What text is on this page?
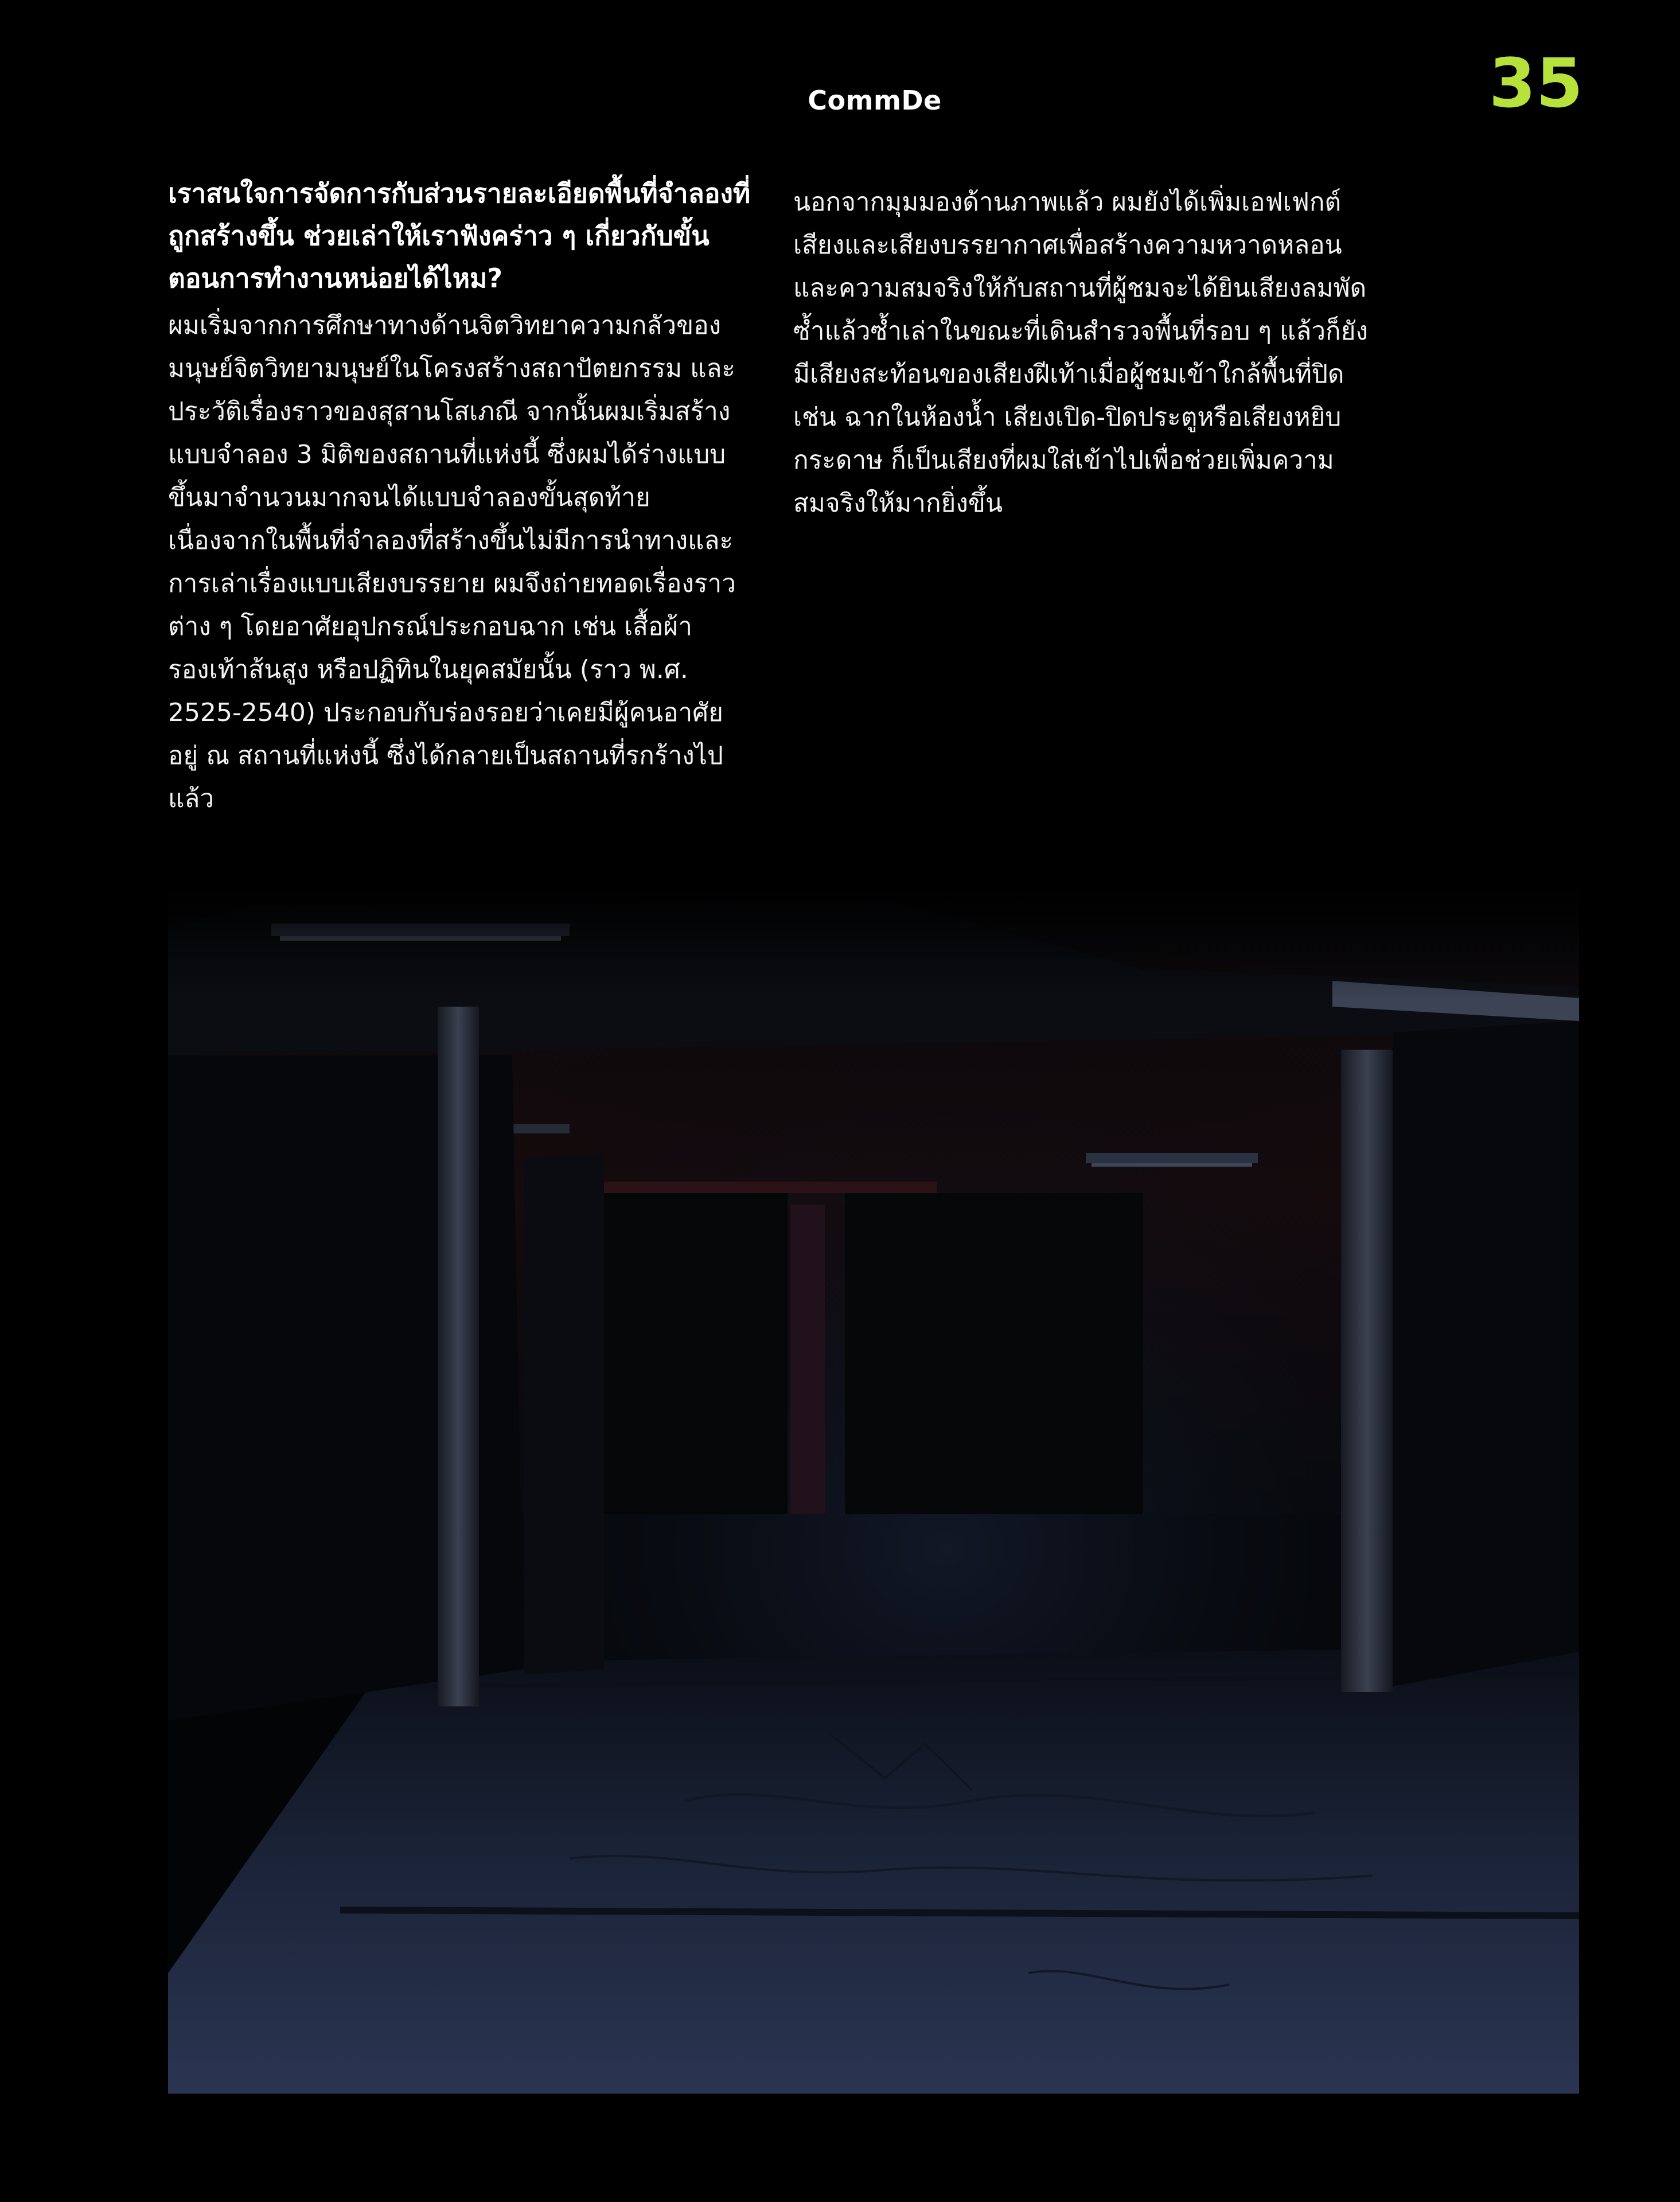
CommDe	35

เราสนใจการจัดการกับส่วนรายละเอียดพื้นที่จำลองที่ถูกสร้างขึ้น ช่วยเล่าให้เราฟังคร่าว ๆ เกี่ยวกับขั้นตอนการทำงานหน่อยได้ไหม?

ผมเริ่มจากการศึกษาทางด้านจิตวิทยาความกลัวของมนุษย์จิตวิทยามนุษย์ในโครงสร้างสถาปัตยกรรม และประวัติเรื่องราวของสุสานโสเภณี จากนั้นผมเริ่มสร้างแบบจำลอง 3 มิติของสถานที่แห่งนี้ ซึ่งผมได้ร่างแบบขึ้นมาจำนวนมากจนได้แบบจำลองขั้นสุดท้าย เนื่องจากในพื้นที่จำลองที่สร้างขึ้นไม่มีการนำทางและการเล่าเรื่องแบบเสียงบรรยาย ผมจึงถ่ายทอดเรื่องราวต่าง ๆ โดยอาศัยอุปกรณ์ประกอบฉาก เช่น เสื้อผ้า รองเท้าส้นสูง หรือปฏิทินในยุคสมัยนั้น (ราว พ.ศ. 2525-2540) ประกอบกับร่องรอยว่าเคยมีผู้คนอาศัยอยู่ ณ สถานที่แห่งนี้ ซึ่งได้กลายเป็นสถานที่รกร้างไปแล้ว

นอกจากมุมมองด้านภาพแล้ว ผมยังได้เพิ่มเอฟเฟกต์เสียงและเสียงบรรยากาศเพื่อสร้างความหวาดหลอนและความสมจริงให้กับสถานที่ผู้ชมจะได้ยินเสียงลมพัดซ้ำแล้วซ้ำเล่าในขณะที่เดินสำรวจพื้นที่รอบ ๆ แล้วก็ยังมีเสียงสะท้อนของเสียงฝีเท้าเมื่อผู้ชมเข้าใกล้พื้นที่ปิด เช่น ฉากในห้องน้ำ เสียงเปิด-ปิดประตูหรือเสียงหยิบกระดาษ ก็เป็นเสียงที่ผมใส่เข้าไปเพื่อช่วยเพิ่มความสมจริงให้มากยิ่งขึ้น
